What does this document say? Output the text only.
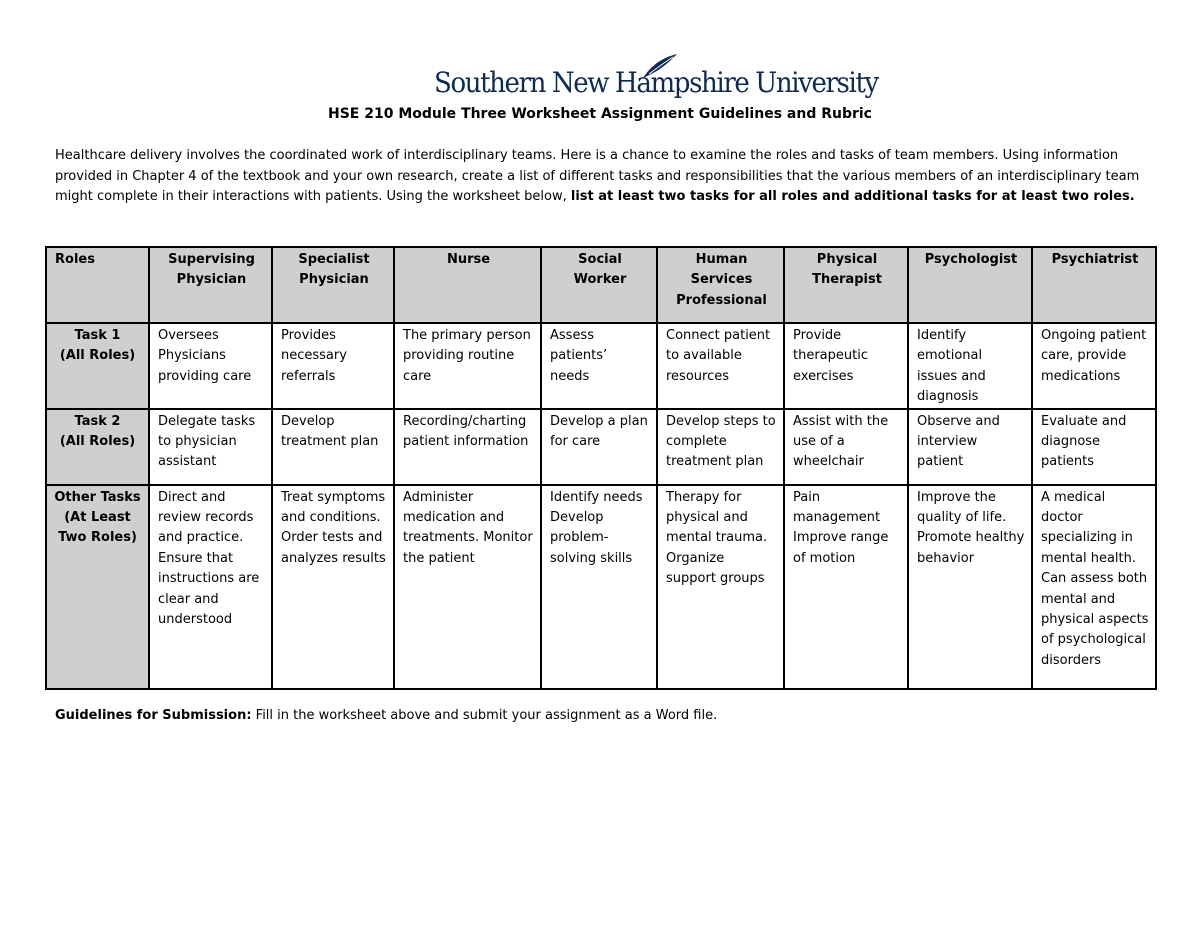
Southern New Hampshire University
HSE 210 Module Three Worksheet Assignment Guidelines and Rubric
Healthcare delivery involves the coordinated work of interdisciplinary teams. Here is a chance to examine the roles and tasks of team members. Using information provided in Chapter 4 of the textbook and your own research, create a list of different tasks and responsibilities that the various members of an interdisciplinary team might complete in their interactions with patients. Using the worksheet below, list at least two tasks for all roles and additional tasks for at least two roles.
Roles	Supervising Physician	Specialist Physician	Nurse	Social Worker	Human Services Professional	Physical Therapist	Psychologist	Psychiatrist
Task 1
(All Roles)	Oversees Physicians providing care	Provides necessary referrals	The primary person providing routine care	Assess patients’ needs	Connect patient to available resources	Provide therapeutic exercises	Identify emotional issues and diagnosis	Ongoing patient care, provide medications
Task 2
(All Roles)	Delegate tasks to physician assistant	Develop treatment plan	Recording/charting patient information	Develop a plan for care	Develop steps to complete treatment plan	Assist with the use of a wheelchair	Observe and interview patient	Evaluate and diagnose patients
Other Tasks
(At Least
Two Roles)	Direct and review records and practice. Ensure that instructions are clear and understood	Treat symptoms and conditions. Order tests and analyzes results	Administer medication and treatments. Monitor the patient	Identify needs Develop problem-solving skills	Therapy for physical and mental trauma. Organize support groups	Pain management Improve range of motion	Improve the quality of life. Promote healthy behavior	A medical doctor specializing in mental health. Can assess both mental and physical aspects of psychological disorders
Guidelines for Submission: Fill in the worksheet above and submit your assignment as a Word file.
